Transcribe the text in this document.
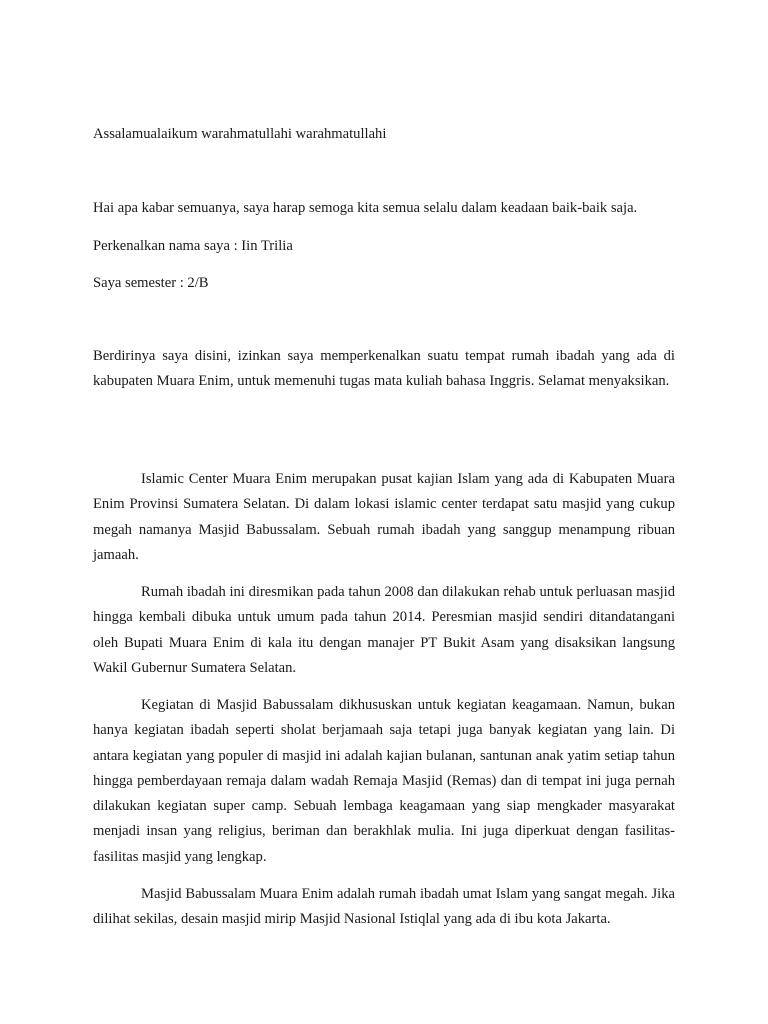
Assalamualaikum warahmatullahi warahmatullahi

Hai apa kabar semuanya, saya harap semoga kita semua selalu dalam keadaan baik-baik saja.

Perkenalkan nama saya : Iin Trilia

Saya semester : 2/B

Berdirinya saya disini, izinkan saya memperkenalkan suatu tempat rumah ibadah yang ada di kabupaten Muara Enim, untuk memenuhi tugas mata kuliah bahasa Inggris. Selamat menyaksikan.

Islamic Center Muara Enim merupakan pusat kajian Islam yang ada di Kabupaten Muara Enim Provinsi Sumatera Selatan. Di dalam lokasi islamic center terdapat satu masjid yang cukup megah namanya Masjid Babussalam. Sebuah rumah ibadah yang sanggup menampung ribuan jamaah.

Rumah ibadah ini diresmikan pada tahun 2008 dan dilakukan rehab untuk perluasan masjid hingga kembali dibuka untuk umum pada tahun 2014. Peresmian masjid sendiri ditandatangani oleh Bupati Muara Enim di kala itu dengan manajer PT Bukit Asam yang disaksikan langsung Wakil Gubernur Sumatera Selatan.

Kegiatan di Masjid Babussalam dikhususkan untuk kegiatan keagamaan. Namun, bukan hanya kegiatan ibadah seperti sholat berjamaah saja tetapi juga banyak kegiatan yang lain. Di antara kegiatan yang populer di masjid ini adalah kajian bulanan, santunan anak yatim setiap tahun hingga pemberdayaan remaja dalam wadah Remaja Masjid (Remas) dan di tempat ini juga pernah dilakukan kegiatan super camp. Sebuah lembaga keagamaan yang siap mengkader masyarakat menjadi insan yang religius, beriman dan berakhlak mulia. Ini juga diperkuat dengan fasilitas-fasilitas masjid yang lengkap.

Masjid Babussalam Muara Enim adalah rumah ibadah umat Islam yang sangat megah. Jika dilihat sekilas, desain masjid mirip Masjid Nasional Istiqlal yang ada di ibu kota Jakarta.
